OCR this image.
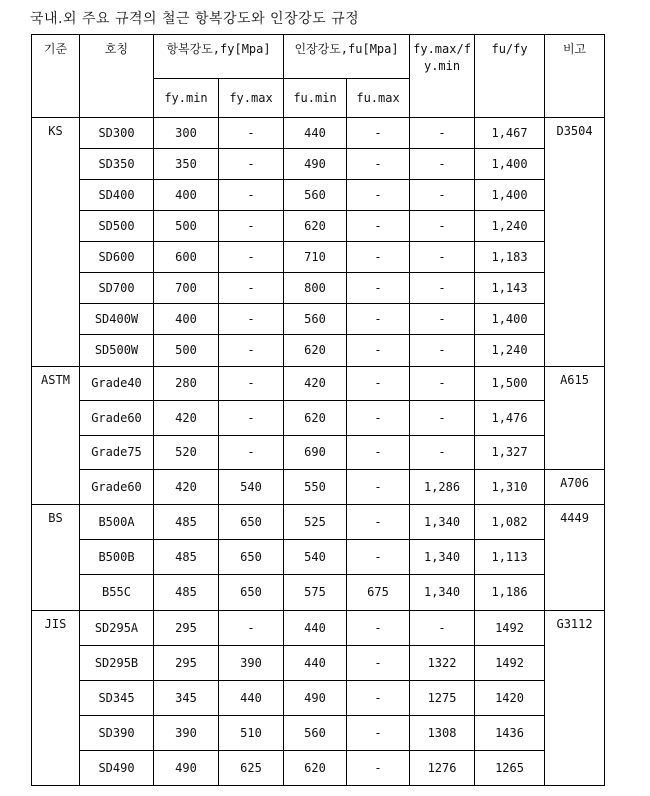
국내.외 주요 규격의 철근 항복강도와 인장강도 규정
기준	호칭	항복강도,fy[Mpa]		인장강도,fu[Mpa]		fy.max/fy.min	fu/fy	비고
		fy.min	fy.max	fu.min	fu.max			
KS	SD300	300	-	440	-	-	1,467	D3504
	SD350	350	-	490	-	-	1,400	
	SD400	400	-	560	-	-	1,400	
	SD500	500	-	620	-	-	1,240	
	SD600	600	-	710	-	-	1,183	
	SD700	700	-	800	-	-	1,143	
	SD400W	400	-	560	-	-	1,400	
	SD500W	500	-	620	-	-	1,240	
ASTM	Grade40	280	-	420	-	-	1,500	A615
	Grade60	420	-	620	-	-	1,476	
	Grade75	520	-	690	-	-	1,327	
	Grade60	420	540	550	-	1,286	1,310	A706
BS	B500A	485	650	525	-	1,340	1,082	4449
	B500B	485	650	540	-	1,340	1,113	
	B55C	485	650	575	675	1,340	1,186	
JIS	SD295A	295	-	440	-	-	1492	G3112
	SD295B	295	390	440	-	1322	1492	
	SD345	345	440	490	-	1275	1420	
	SD390	390	510	560	-	1308	1436	
	SD490	490	625	620	-	1276	1265	
